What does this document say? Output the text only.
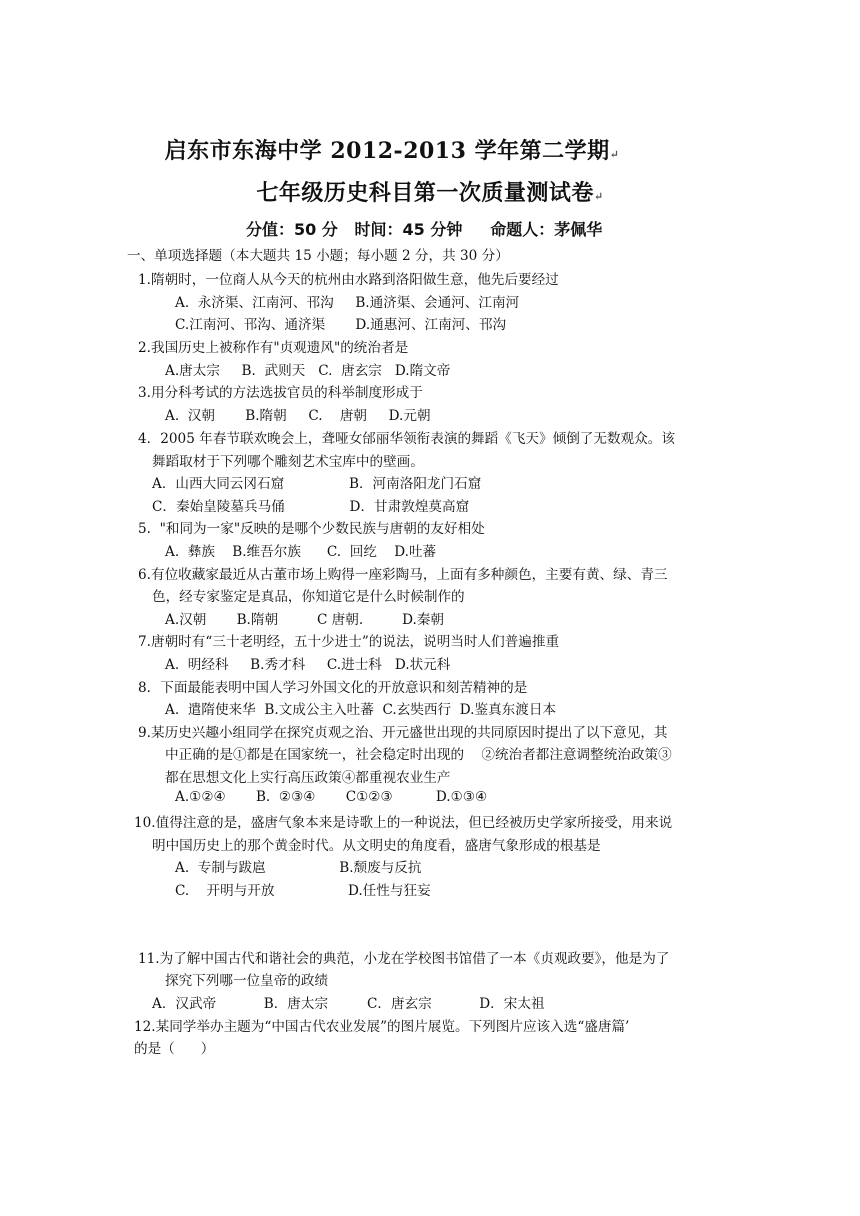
启东市东海中学 2012-2013 学年第二学期↵
七年级历史科目第一次质量测试卷↵
分值：50 分   时间：45 分钟     命题人：茅佩华
一、单项选择题（本大题共 15 小题；每小题 2 分，共 30 分）
1.隋朝时，一位商人从今天的杭州由水路到洛阳做生意，他先后要经过
A.  永济渠、江南河、邗沟     B.通济渠、会通河、江南河
C.江南河、邗沟、通济渠       D.通惠河、江南河、邗沟
2.我国历史上被称作有"贞观遗风"的统治者是
A.唐太宗     B.  武则天   C.  唐玄宗   D.隋文帝
3.用分科考试的方法选拔官员的科举制度形成于
A.  汉朝       B.隋朝     C.    唐朝     D.元朝
4．2005 年春节联欢晚会上，聋哑女邰丽华领衔表演的舞蹈《飞天》倾倒了无数观众。该
舞蹈取材于下列哪个雕刻艺术宝库中的壁画。
A．山西大同云冈石窟               B．河南洛阳龙门石窟
C．秦始皇陵墓兵马俑               D．甘肃敦煌莫高窟
5.  "和同为一家"反映的是哪个少数民族与唐朝的友好相处
A.  彝族    B.维吾尔族      C.  回纥    D.吐蕃
6.有位收藏家最近从古董市场上购得一座彩陶马，上面有多种颜色，主要有黄、绿、青三
色，经专家鉴定是真品，你知道它是什么时候制作的
A.汉朝       B.隋朝         C 唐朝.         D.秦朝
7.唐朝时有“三十老明经，五十少进士”的说法，说明当时人们普遍推重
A.  明经科     B.秀才科     C.进士科   D.状元科
8．下面最能表明中国人学习外国文化的开放意识和刻苦精神的是
A.  遣隋使来华  B.文成公主入吐蕃  C.玄奘西行  D.鉴真东渡日本
9.某历史兴趣小组同学在探究贞观之治、开元盛世出现的共同原因时提出了以下意见，其
中正确的是①都是在国家统一，社会稳定时出现的    ②统治者都注意调整统治政策③
都在思想文化上实行高压政策④都重视农业生产
A.①②④       B.  ②③④       C①②③          D.①③④
10.值得注意的是，盛唐气象本来是诗歌上的一种说法，但已经被历史学家所接受，用来说
明中国历史上的那个黄金时代。从文明史的角度看，盛唐气象形成的根基是
A.  专制与跋扈                 B.颓废与反抗
C.    开明与开放                 D.任性与狂妄
11.为了解中国古代和谐社会的典范，小龙在学校图书馆借了一本《贞观政要》，他是为了
探究下列哪一位皇帝的政绩
A．汉武帝           B．唐太宗         C．唐玄宗           D．宋太祖
12.某同学举办主题为“中国古代农业发展”的图片展览。下列图片应该入选“盛唐篇’
的是（      ）
